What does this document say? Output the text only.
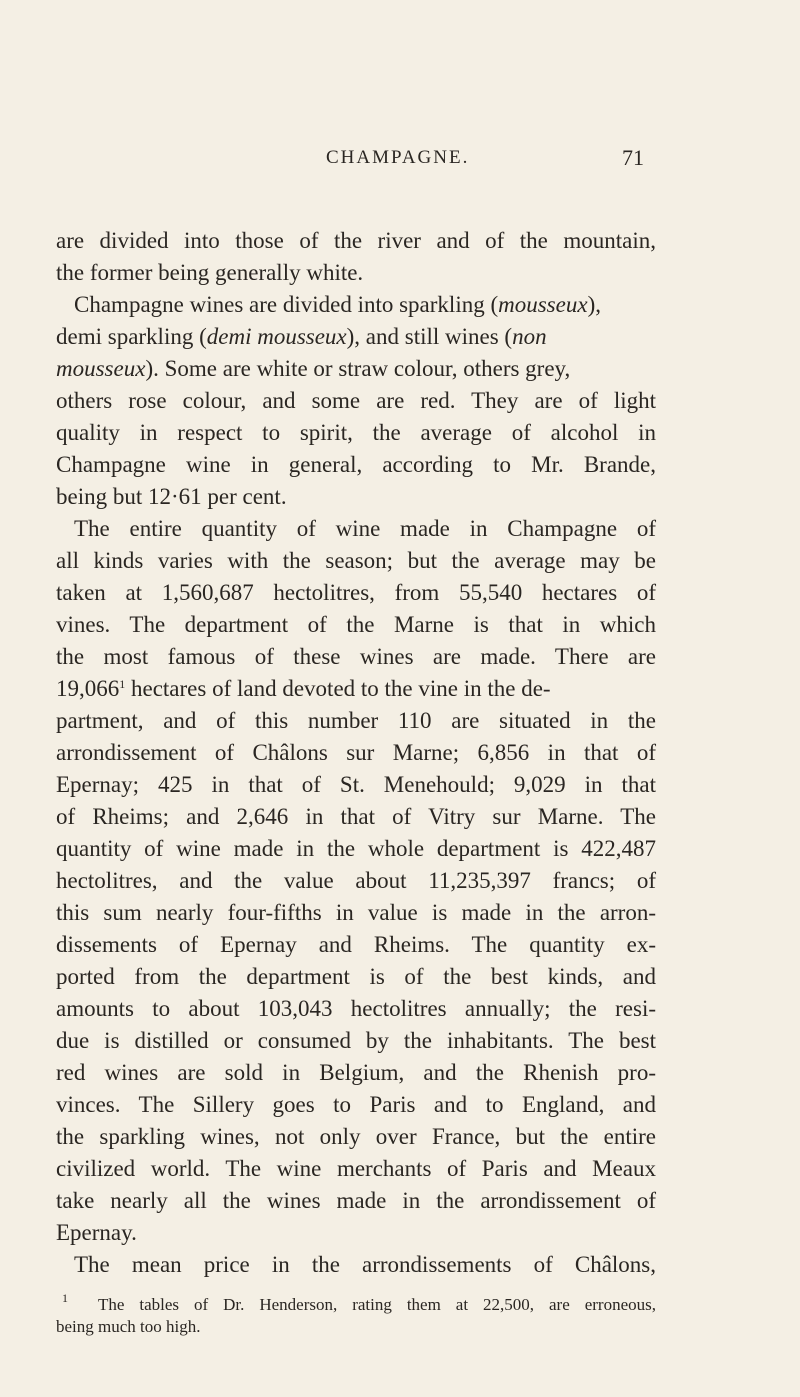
CHAMPAGNE.	71
are divided into those of the river and of the mountain,
the former being generally white.
Champagne wines are divided into sparkling (mousseux),
demi sparkling (demi mousseux), and still wines (non
mousseux). Some are white or straw colour, others grey,
others rose colour, and some are red. They are of light
quality in respect to spirit, the average of alcohol in
Champagne wine in general, according to Mr. Brande,
being but 12·61 per cent.
The entire quantity of wine made in Champagne of
all kinds varies with the season; but the average may be
taken at 1,560,687 hectolitres, from 55,540 hectares of
vines. The department of the Marne is that in which
the most famous of these wines are made. There are
19,066$^1$ hectares of land devoted to the vine in the de-
partment, and of this number 110 are situated in the
arrondissement of Châlons sur Marne; 6,856 in that of
Epernay; 425 in that of St. Menehould; 9,029 in that
of Rheims; and 2,646 in that of Vitry sur Marne. The
quantity of wine made in the whole department is 422,487
hectolitres, and the value about 11,235,397 francs; of
this sum nearly four-fifths in value is made in the arron-
dissements of Epernay and Rheims. The quantity ex-
ported from the department is of the best kinds, and
amounts to about 103,043 hectolitres annually; the resi-
due is distilled or consumed by the inhabitants. The best
red wines are sold in Belgium, and the Rhenish pro-
vinces. The Sillery goes to Paris and to England, and
the sparkling wines, not only over France, but the entire
civilized world. The wine merchants of Paris and Meaux
take nearly all the wines made in the arrondissement of
Epernay.
The mean price in the arrondissements of Châlons,
$^1$ The tables of Dr. Henderson, rating them at 22,500, are erroneous,
being much too high.
